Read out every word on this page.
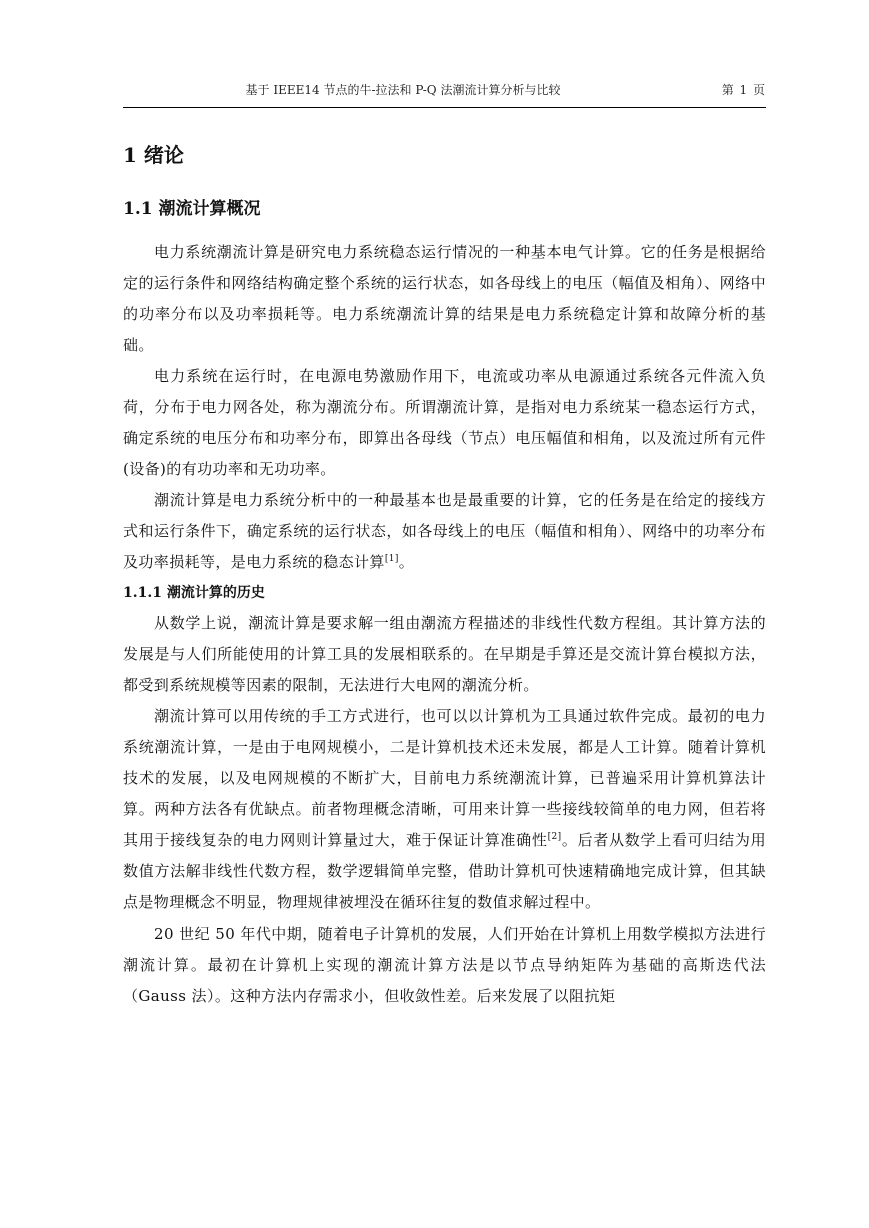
基于 IEEE14 节点的牛-拉法和 P-Q 法潮流计算分析与比较	第 1 页
1 绪论
1.1 潮流计算概况

电力系统潮流计算是研究电力系统稳态运行情况的一种基本电气计算。它的任务是根据给定的运行条件和网络结构确定整个系统的运行状态，如各母线上的电压（幅值及相角）、网络中的功率分布以及功率损耗等。电力系统潮流计算的结果是电力系统稳定计算和故障分析的基础。

电力系统在运行时，在电源电势激励作用下，电流或功率从电源通过系统各元件流入负荷，分布于电力网各处，称为潮流分布。所谓潮流计算，是指对电力系统某一稳态运行方式，确定系统的电压分布和功率分布，即算出各母线（节点）电压幅值和相角，以及流过所有元件(设备)的有功功率和无功功率。

潮流计算是电力系统分析中的一种最基本也是最重要的计算，它的任务是在给定的接线方式和运行条件下，确定系统的运行状态，如各母线上的电压（幅值和相角）、网络中的功率分布及功率损耗等，是电力系统的稳态计算[1]。

1.1.1 潮流计算的历史

从数学上说，潮流计算是要求解一组由潮流方程描述的非线性代数方程组。其计算方法的发展是与人们所能使用的计算工具的发展相联系的。在早期是手算还是交流计算台模拟方法，都受到系统规模等因素的限制，无法进行大电网的潮流分析。

潮流计算可以用传统的手工方式进行，也可以以计算机为工具通过软件完成。最初的电力系统潮流计算，一是由于电网规模小，二是计算机技术还未发展，都是人工计算。随着计算机技术的发展，以及电网规模的不断扩大，目前电力系统潮流计算，已普遍采用计算机算法计算。两种方法各有优缺点。前者物理概念清晰，可用来计算一些接线较简单的电力网，但若将其用于接线复杂的电力网则计算量过大，难于保证计算准确性[2]。后者从数学上看可归结为用数值方法解非线性代数方程，数学逻辑简单完整，借助计算机可快速精确地完成计算，但其缺点是物理概念不明显，物理规律被埋没在循环往复的数值求解过程中。

20 世纪 50 年代中期，随着电子计算机的发展，人们开始在计算机上用数学模拟方法进行潮流计算。最初在计算机上实现的潮流计算方法是以节点导纳矩阵为基础的高斯迭代法（Gauss 法）。这种方法内存需求小，但收敛性差。后来发展了以阻抗矩
